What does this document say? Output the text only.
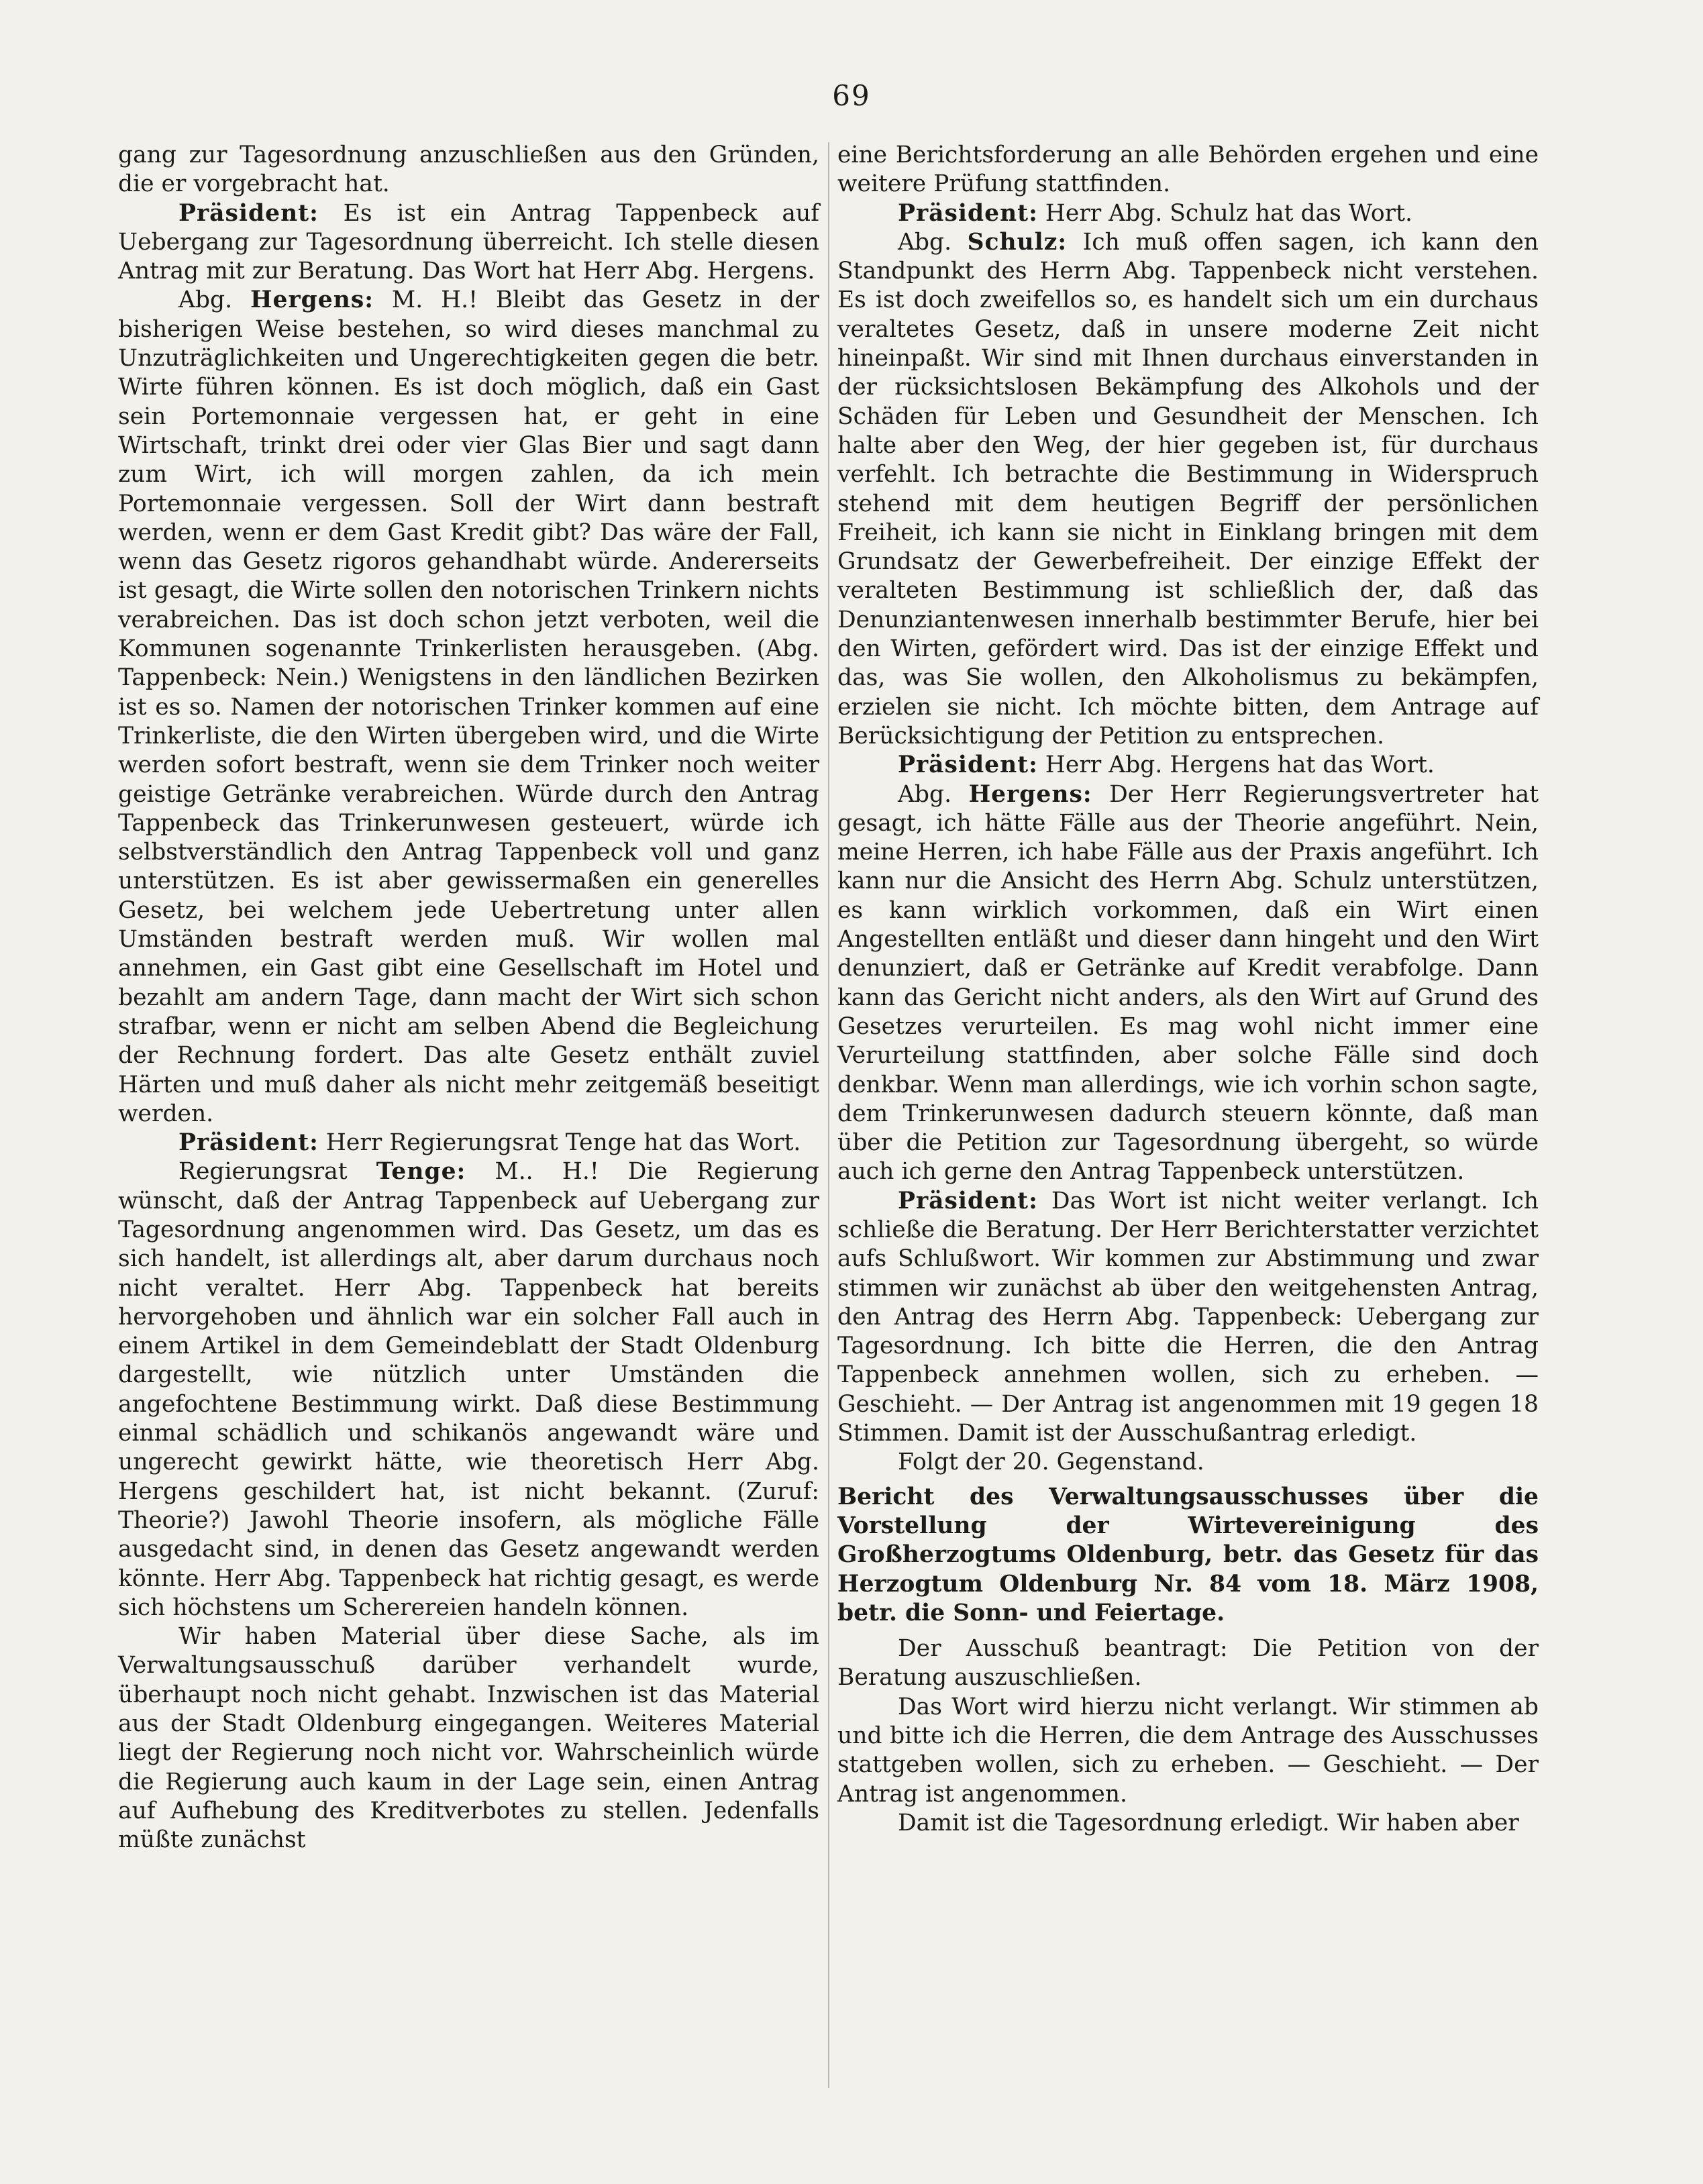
69

gang zur Tagesordnung anzuschließen aus den Gründen, die er vorgebracht hat.

Präsident: Es ist ein Antrag Tappenbeck auf Uebergang zur Tagesordnung überreicht. Ich stelle diesen Antrag mit zur Beratung. Das Wort hat Herr Abg. Hergens.

Abg. Hergens: M. H.! Bleibt das Gesetz in der bisherigen Weise bestehen, so wird dieses manchmal zu Unzuträglichkeiten und Ungerechtigkeiten gegen die betr. Wirte führen können. Es ist doch möglich, daß ein Gast sein Portemonnaie vergessen hat, er geht in eine Wirtschaft, trinkt drei oder vier Glas Bier und sagt dann zum Wirt, ich will morgen zahlen, da ich mein Portemonnaie vergessen. Soll der Wirt dann bestraft werden, wenn er dem Gast Kredit gibt? Das wäre der Fall, wenn das Gesetz rigoros gehandhabt würde. Andererseits ist gesagt, die Wirte sollen den notorischen Trinkern nichts verabreichen. Das ist doch schon jetzt verboten, weil die Kommunen sogenannte Trinkerlisten herausgeben. (Abg. Tappenbeck: Nein.) Wenigstens in den ländlichen Bezirken ist es so. Namen der notorischen Trinker kommen auf eine Trinkerliste, die den Wirten übergeben wird, und die Wirte werden sofort bestraft, wenn sie dem Trinker noch weiter geistige Getränke verabreichen. Würde durch den Antrag Tappenbeck das Trinkerunwesen gesteuert, würde ich selbstverständlich den Antrag Tappenbeck voll und ganz unterstützen. Es ist aber gewissermaßen ein generelles Gesetz, bei welchem jede Uebertretung unter allen Umständen bestraft werden muß. Wir wollen mal annehmen, ein Gast gibt eine Gesellschaft im Hotel und bezahlt am andern Tage, dann macht der Wirt sich schon strafbar, wenn er nicht am selben Abend die Begleichung der Rechnung fordert. Das alte Gesetz enthält zuviel Härten und muß daher als nicht mehr zeitgemäß beseitigt werden.

Präsident: Herr Regierungsrat Tenge hat das Wort.

Regierungsrat Tenge: M.. H.! Die Regierung wünscht, daß der Antrag Tappenbeck auf Uebergang zur Tagesordnung angenommen wird. Das Gesetz, um das es sich handelt, ist allerdings alt, aber darum durchaus noch nicht veraltet. Herr Abg. Tappenbeck hat bereits hervorgehoben und ähnlich war ein solcher Fall auch in einem Artikel in dem Gemeindeblatt der Stadt Oldenburg dargestellt, wie nützlich unter Umständen die angefochtene Bestimmung wirkt. Daß diese Bestimmung einmal schädlich und schikanös angewandt wäre und ungerecht gewirkt hätte, wie theoretisch Herr Abg. Hergens geschildert hat, ist nicht bekannt. (Zuruf: Theorie?) Jawohl Theorie insofern, als mögliche Fälle ausgedacht sind, in denen das Gesetz angewandt werden könnte. Herr Abg. Tappenbeck hat richtig gesagt, es werde sich höchstens um Scherereien handeln können.

Wir haben Material über diese Sache, als im Verwaltungsausschuß darüber verhandelt wurde, überhaupt noch nicht gehabt. Inzwischen ist das Material aus der Stadt Oldenburg eingegangen. Weiteres Material liegt der Regierung noch nicht vor. Wahrscheinlich würde die Regierung auch kaum in der Lage sein, einen Antrag auf Aufhebung des Kreditverbotes zu stellen. Jedenfalls müßte zunächst

eine Berichtsforderung an alle Behörden ergehen und eine weitere Prüfung stattfinden.

Präsident: Herr Abg. Schulz hat das Wort.

Abg. Schulz: Ich muß offen sagen, ich kann den Standpunkt des Herrn Abg. Tappenbeck nicht verstehen. Es ist doch zweifellos so, es handelt sich um ein durchaus veraltetes Gesetz, daß in unsere moderne Zeit nicht hineinpaßt. Wir sind mit Ihnen durchaus einverstanden in der rücksichtslosen Bekämpfung des Alkohols und der Schäden für Leben und Gesundheit der Menschen. Ich halte aber den Weg, der hier gegeben ist, für durchaus verfehlt. Ich betrachte die Bestimmung in Widerspruch stehend mit dem heutigen Begriff der persönlichen Freiheit, ich kann sie nicht in Einklang bringen mit dem Grundsatz der Gewerbefreiheit. Der einzige Effekt der veralteten Bestimmung ist schließlich der, daß das Denunziantenwesen innerhalb bestimmter Berufe, hier bei den Wirten, gefördert wird. Das ist der einzige Effekt und das, was Sie wollen, den Alkoholismus zu bekämpfen, erzielen sie nicht. Ich möchte bitten, dem Antrage auf Berücksichtigung der Petition zu entsprechen.

Präsident: Herr Abg. Hergens hat das Wort.

Abg. Hergens: Der Herr Regierungsvertreter hat gesagt, ich hätte Fälle aus der Theorie angeführt. Nein, meine Herren, ich habe Fälle aus der Praxis angeführt. Ich kann nur die Ansicht des Herrn Abg. Schulz unterstützen, es kann wirklich vorkommen, daß ein Wirt einen Angestellten entläßt und dieser dann hingeht und den Wirt denunziert, daß er Getränke auf Kredit verabfolge. Dann kann das Gericht nicht anders, als den Wirt auf Grund des Gesetzes verurteilen. Es mag wohl nicht immer eine Verurteilung stattfinden, aber solche Fälle sind doch denkbar. Wenn man allerdings, wie ich vorhin schon sagte, dem Trinkerunwesen dadurch steuern könnte, daß man über die Petition zur Tagesordnung übergeht, so würde auch ich gerne den Antrag Tappenbeck unterstützen.

Präsident: Das Wort ist nicht weiter verlangt. Ich schließe die Beratung. Der Herr Berichterstatter verzichtet aufs Schlußwort. Wir kommen zur Abstimmung und zwar stimmen wir zunächst ab über den weitgehensten Antrag, den Antrag des Herrn Abg. Tappenbeck: Uebergang zur Tagesordnung. Ich bitte die Herren, die den Antrag Tappenbeck annehmen wollen, sich zu erheben. — Geschieht. — Der Antrag ist angenommen mit 19 gegen 18 Stimmen. Damit ist der Ausschußantrag erledigt.

Folgt der 20. Gegenstand.

Bericht des Verwaltungsausschusses über die Vorstellung der Wirtevereinigung des Großherzogtums Oldenburg, betr. das Gesetz für das Herzogtum Oldenburg Nr. 84 vom 18. März 1908, betr. die Sonn- und Feiertage.

Der Ausschuß beantragt: Die Petition von der Beratung auszuschließen.

Das Wort wird hierzu nicht verlangt. Wir stimmen ab und bitte ich die Herren, die dem Antrage des Ausschusses stattgeben wollen, sich zu erheben. — Geschieht. — Der Antrag ist angenommen.

Damit ist die Tagesordnung erledigt. Wir haben aber
